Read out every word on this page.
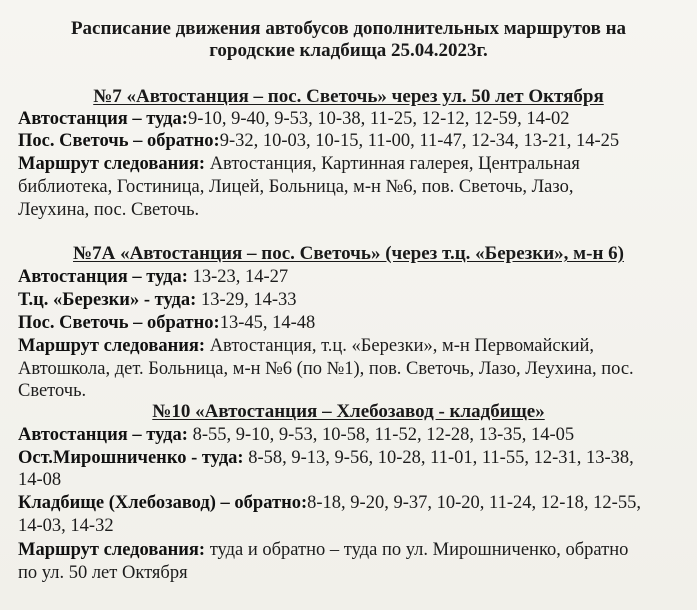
Расписание движения автобусов дополнительных маршрутов на
городские кладбища 25.04.2023г.
№7 «Автостанция – пос. Светочь» через ул. 50 лет Октября
Автостанция – туда:9-10, 9-40, 9-53, 10-38, 11-25, 12-12, 12-59, 14-02
Пос. Светочь – обратно:9-32, 10-03, 10-15, 11-00, 11-47, 12-34, 13-21, 14-25
Маршрут следования: Автостанция, Картинная галерея, Центральная
библиотека, Гостиница, Лицей, Больница, м-н №6, пов. Светочь, Лазо,
Леухина, пос. Светочь.
№7А «Автостанция – пос. Светочь» (через т.ц. «Березки», м-н 6)
Автостанция – туда: 13-23, 14-27
Т.ц. «Березки» - туда: 13-29, 14-33
Пос. Светочь – обратно:13-45, 14-48
Маршрут следования: Автостанция, т.ц. «Березки», м-н Первомайский,
Автошкола, дет. Больница, м-н №6 (по №1), пов. Светочь, Лазо, Леухина, пос.
Светочь.
№10 «Автостанция – Хлебозавод - кладбище»
Автостанция – туда: 8-55, 9-10, 9-53, 10-58, 11-52, 12-28, 13-35, 14-05
Ост.Мирошниченко - туда: 8-58, 9-13, 9-56, 10-28, 11-01, 11-55, 12-31, 13-38,
14-08
Кладбище (Хлебозавод) – обратно:8-18, 9-20, 9-37, 10-20, 11-24, 12-18, 12-55,
14-03, 14-32
Маршрут следования: туда и обратно – туда по ул. Мирошниченко, обратно
по ул. 50 лет Октября
